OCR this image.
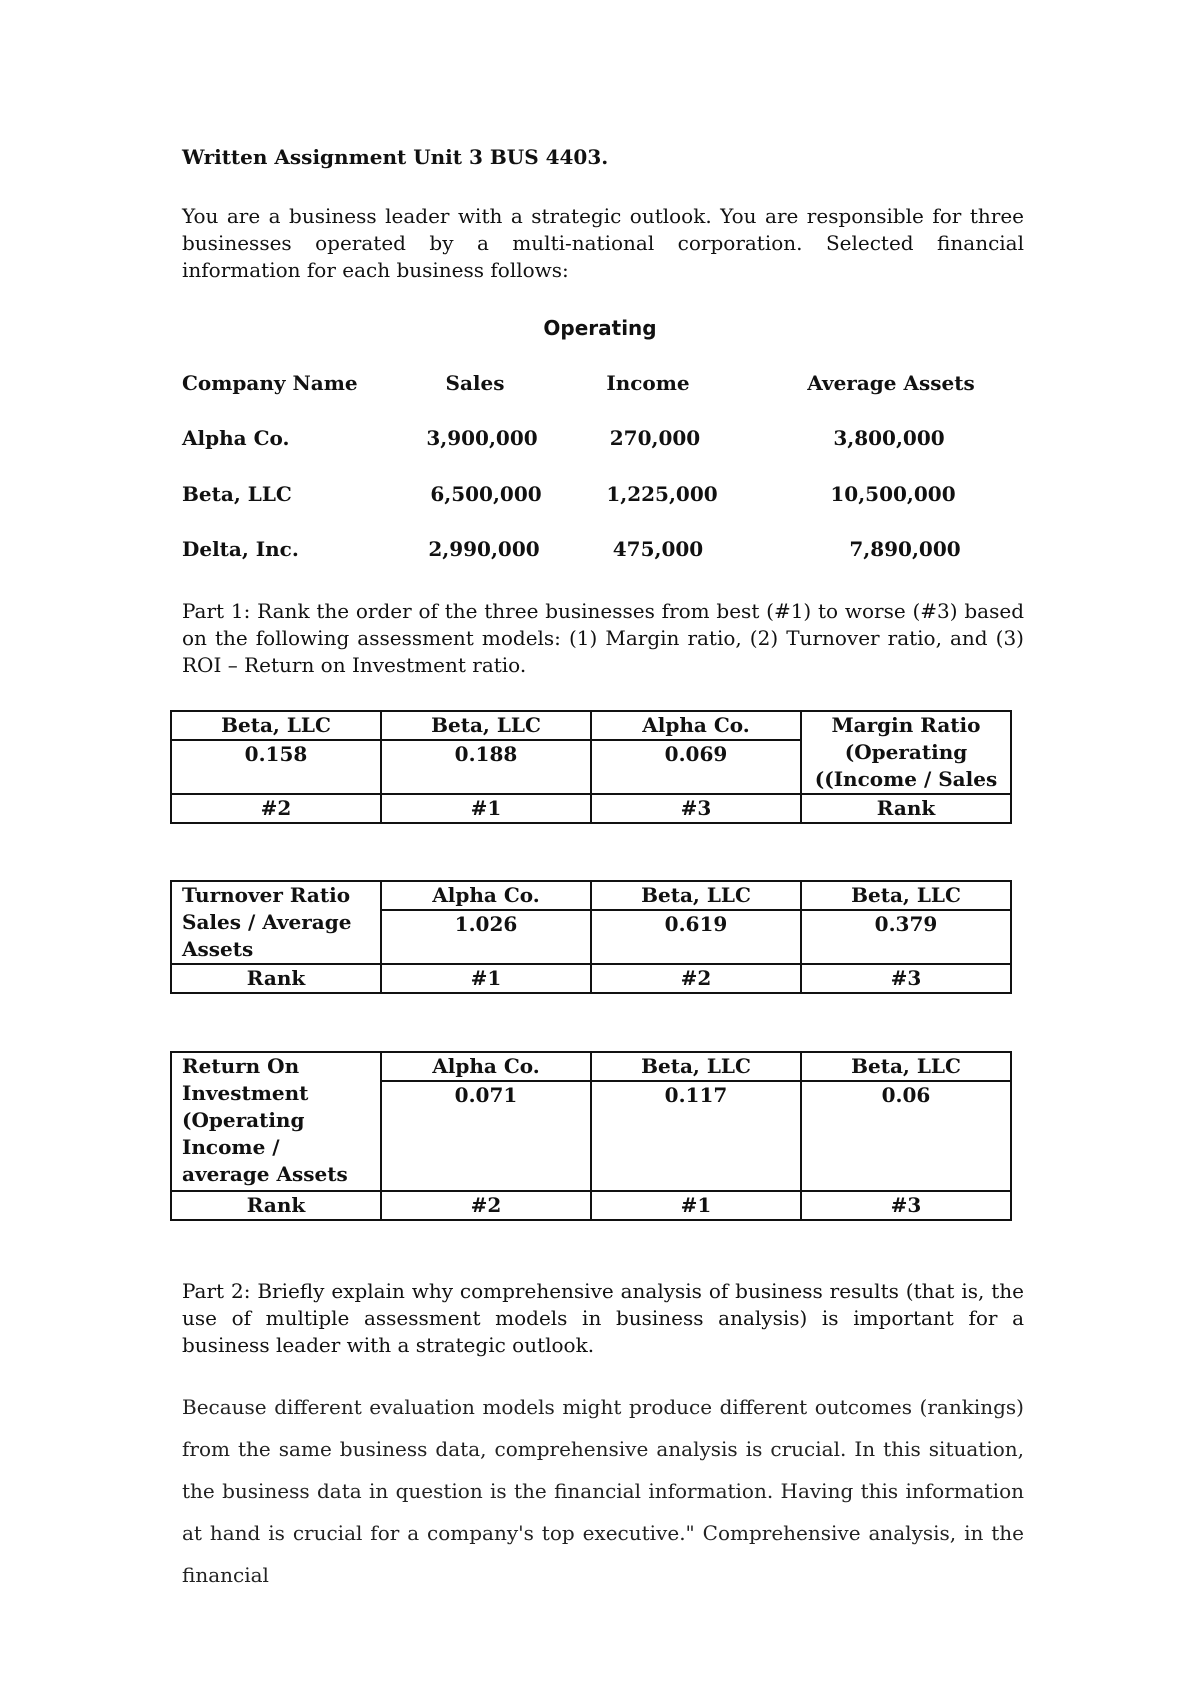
Written Assignment Unit 3 BUS 4403.

You are a business leader with a strategic outlook. You are responsible for three businesses operated by a multi-national corporation. Selected financial information for each business follows:

Operating

Company Name	Sales	Income	Average Assets
Alpha Co.	3,900,000	270,000	3,800,000
Beta, LLC	6,500,000	1,225,000	10,500,000
Delta, Inc.	2,990,000	475,000	7,890,000

Part 1: Rank the order of the three businesses from best (#1) to worse (#3) based on the following assessment models: (1) Margin ratio, (2) Turnover ratio, and (3) ROI – Return on Investment ratio.

Beta, LLC	Beta, LLC	Alpha Co.	Margin Ratio (Operating ((Income / Sales
0.158	0.188	0.069	
#2	#1	#3	Rank
Turnover Ratio Sales / Average Assets	Alpha Co.	Beta, LLC	Beta, LLC
	1.026	0.619	0.379
Rank	#1	#2	#3
Return On Investment (Operating Income / average Assets	Alpha Co.	Beta, LLC	Beta, LLC
	0.071	0.117	0.06
Rank	#2	#1	#3

Part 2: Briefly explain why comprehensive analysis of business results (that is, the use of multiple assessment models in business analysis) is important for a business leader with a strategic outlook.

Because different evaluation models might produce different outcomes (rankings) from the same business data, comprehensive analysis is crucial. In this situation, the business data in question is the financial information. Having this information at hand is crucial for a company's top executive." Comprehensive analysis, in the financial
